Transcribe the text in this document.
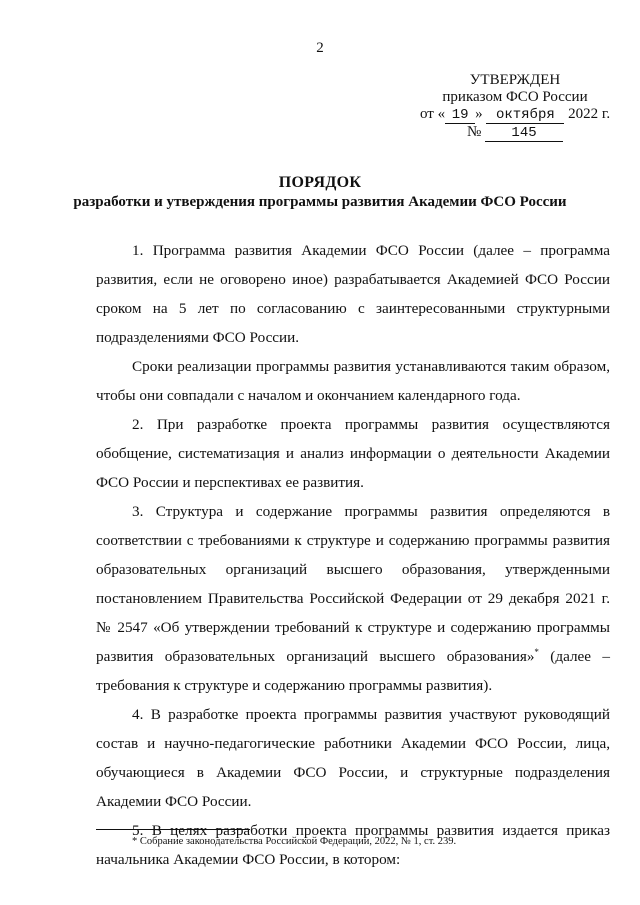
2
УТВЕРЖДЕН
приказом ФСО России
от « 19 » октября 2022 г.
№ 145
ПОРЯДОК
разработки и утверждения программы развития Академии ФСО России

1. Программа развития Академии ФСО России (далее – программа развития, если не оговорено иное) разрабатывается Академией ФСО России сроком на 5 лет по согласованию с заинтересованными структурными подразделениями ФСО России.

Сроки реализации программы развития устанавливаются таким образом, чтобы они совпадали с началом и окончанием календарного года.

2. При разработке проекта программы развития осуществляются обобщение, систематизация и анализ информации о деятельности Академии ФСО России и перспективах ее развития.

3. Структура и содержание программы развития определяются в соответствии с требованиями к структуре и содержанию программы развития образовательных организаций высшего образования, утвержденными постановлением Правительства Российской Федерации от 29 декабря 2021 г. № 2547 «Об утверждении требований к структуре и содержанию программы развития образовательных организаций высшего образования»* (далее – требования к структуре и содержанию программы развития).

4. В разработке проекта программы развития участвуют руководящий состав и научно-педагогические работники Академии ФСО России, лица, обучающиеся в Академии ФСО России, и структурные подразделения Академии ФСО России.

5. В целях разработки проекта программы развития издается приказ начальника Академии ФСО России, в котором:

* Собрание законодательства Российской Федерации, 2022, № 1, ст. 239.
